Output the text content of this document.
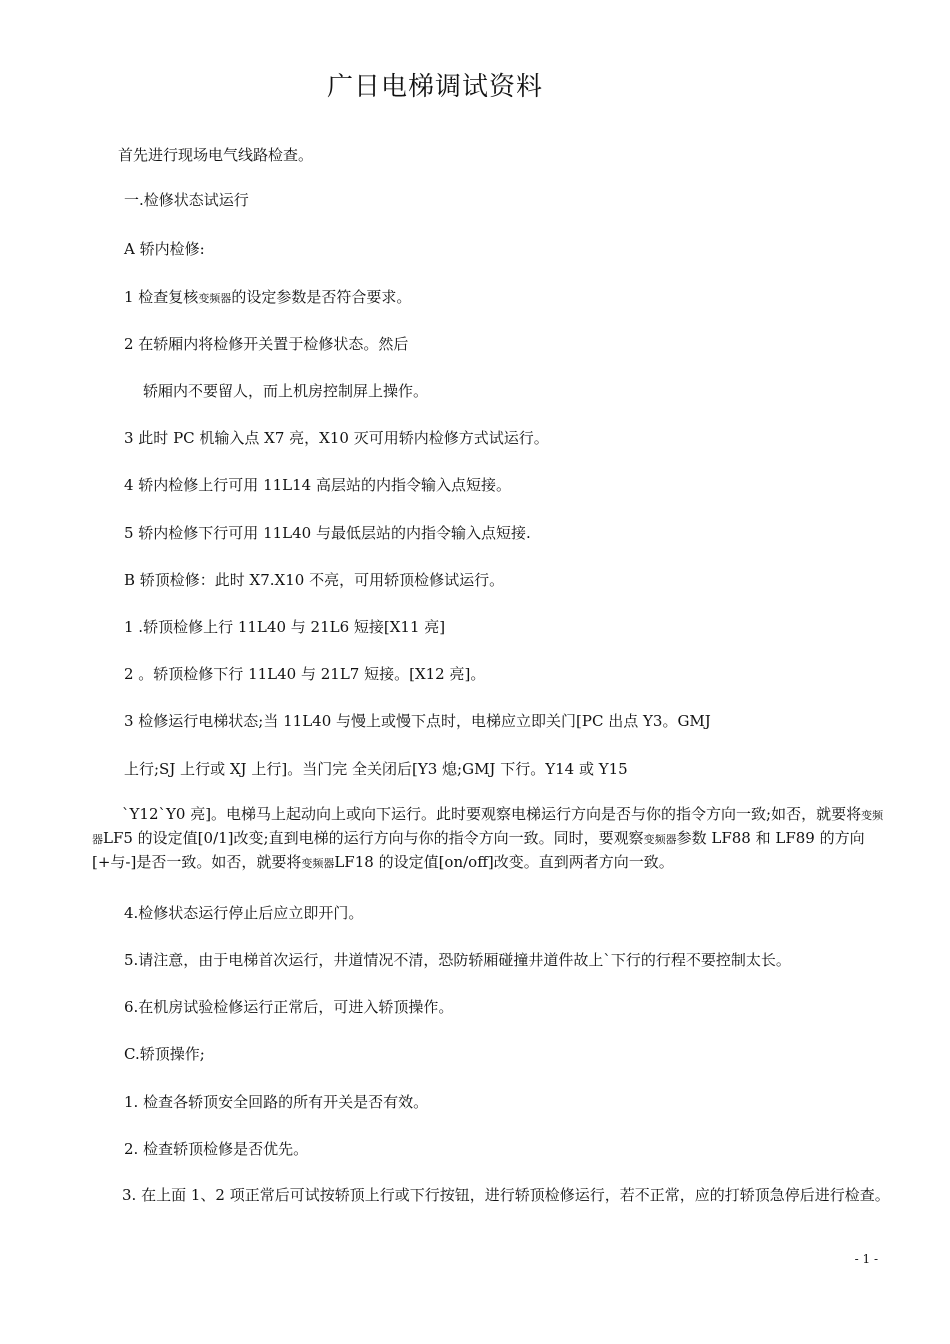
广日电梯调试资料
首先进行现场电气线路检查。
一.检修状态试运行
A 轿内检修:
1 检查复核变频器的设定参数是否符合要求。
2 在轿厢内将检修开关置于检修状态。然后
轿厢内不要留人，而上机房控制屏上操作。
3 此时 PC 机输入点 X7 亮，X10 灭可用轿内检修方式试运行。
4 轿内检修上行可用 11L14 高层站的内指令输入点短接。
5 轿内检修下行可用 11L40 与最低层站的内指令输入点短接.
B 轿顶检修：此时 X7.X10 不亮，可用轿顶检修试运行。
1 .轿顶检修上行 11L40 与 21L6 短接[X11 亮]
2 。轿顶检修下行 11L40 与 21L7 短接。[X12 亮]。
3 检修运行电梯状态;当 11L40 与慢上或慢下点时，电梯应立即关门[PC 出点 Y3。GMJ
上行;SJ 上行或 XJ 上行]。当门完 全关闭后[Y3 熄;GMJ 下行。Y14 或 Y15
`Y12`Y0 亮]。电梯马上起动向上或向下运行。此时要观察电梯运行方向是否与你的指令方向一致;如否，就要将变频器LF5 的设定值[0/1]改变;直到电梯的运行方向与你的指令方向一致。同时，要观察变频器参数 LF88 和 LF89 的方向[+与-]是否一致。如否，就要将变频器LF18 的设定值[on/off]改变。直到两者方向一致。
4.检修状态运行停止后应立即开门。
5.请注意，由于电梯首次运行，井道情况不清，恐防轿厢碰撞井道件故上`下行的行程不要控制太长。
6.在机房试验检修运行正常后，可进入轿顶操作。
C.轿顶操作;
1. 检查各轿顶安全回路的所有开关是否有效。
2. 检查轿顶检修是否优先。
3. 在上面 1、2 项正常后可试按轿顶上行或下行按钮，进行轿顶检修运行，若不正常，应的打轿顶急停后进行检查。
- 1 -
